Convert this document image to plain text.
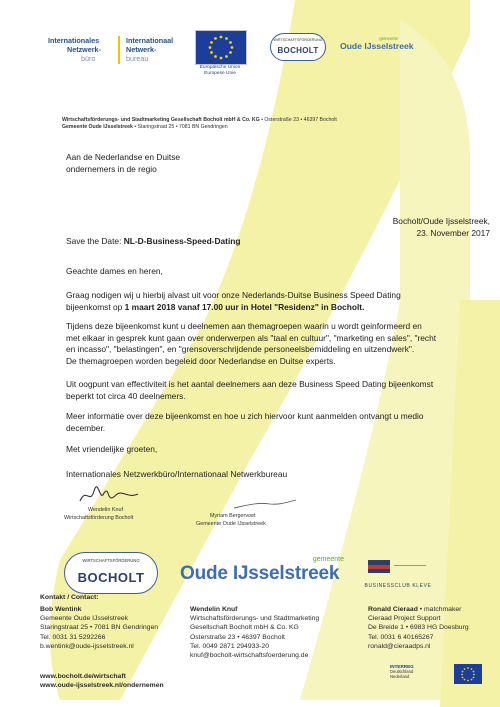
Internationales	Internationaal
Netzwerk-	Netwerk-
büro	bureau
Europäische Union
Europese Unie
WIRTSCHAFTSFÖRDERUNG
BOCHOLT
gemeente
Oude IJsselstreek
Wirtschaftsförderungs- und Stadtmarketing Gesellschaft Bocholt mbH & Co. KG • Osterstraße 23 • 46397 Bocholt
Gemeente Oude IJsselstreek • Staringstraat 25 • 7081 BN Gendringen
Aan de Nederlandse en Duitse
ondernemers in de regio
Bocholt/Oude Ijsselstreek,
23. November 2017
Save the Date: NL-D-Business-Speed-Dating
Geachte dames en heren,
Graag nodigen wij u hierbij alvast uit voor onze Nederlands-Duitse Business Speed Dating
bijeenkomst op 1 maart 2018 vanaf 17.00 uur in Hotel "Residenz" in Bocholt.
Tijdens deze bijeenkomst kunt u deelnemen aan themagroepen waarin u wordt geinformeerd en
met elkaar in gesprek kunt gaan over onderwerpen als "taal en cultuur", "marketing en sales", "recht
en incasso", "belastingen", en "grensoverschrijdende personeelsbemiddeling en uitzendwerk".
De themagroepen worden begeleid door Nederlandse en Duitse experts.
Uit oogpunt van effectiviteit is het aantal deelnemers aan deze Business Speed Dating bijeenkomst
beperkt tot circa 40 deelnemers.
Meer informatie over deze bijeenkomst en hoe u zich hiervoor kunt aanmelden ontvangt u medio
december.
Met vriendelijke groeten,
Internationales Netzwerkbüro/Internationaal Netwerkbureau
Wendelin Knuf
Wirtschaftsförderung Bocholt	Myriam Bergervoet
Gemeente Oude IJsselstreek
WIRTSCHAFTSFÖRDERUNG
BOCHOLT
gemeente
Oude IJsselstreek
BUSINESSCLUB KLEVE
Kontakt / Contact:
Bob Wentink
Gemeente Oude IJsselstreek
Staringstraat 25 • 7081 BN Gendringen
Tel. 0031 31 5292266
b.wentink@oude-ijsselstreek.nl
Wendelin Knuf
Wirtschaftsförderungs- und Stadtmarketing
Gesellschaft Bocholt mbH & Co. KG
Osterstraße 23 • 46397 Bocholt
Tel. 0049 2871 294933-20
knuf@bocholt-wirtschaftsfoerderung.de
Ronald Cieraad • matchmaker
Cieraad Project Support
De Breide 1 • 6983 HG Doesburg
Tel. 0031 6 40165267
ronald@cieraadps.nl
www.bocholt.de/wirtschaft
www.oude-ijsselstreek.nl/ondernemen
INTERREG
Deutschland
Nederland
